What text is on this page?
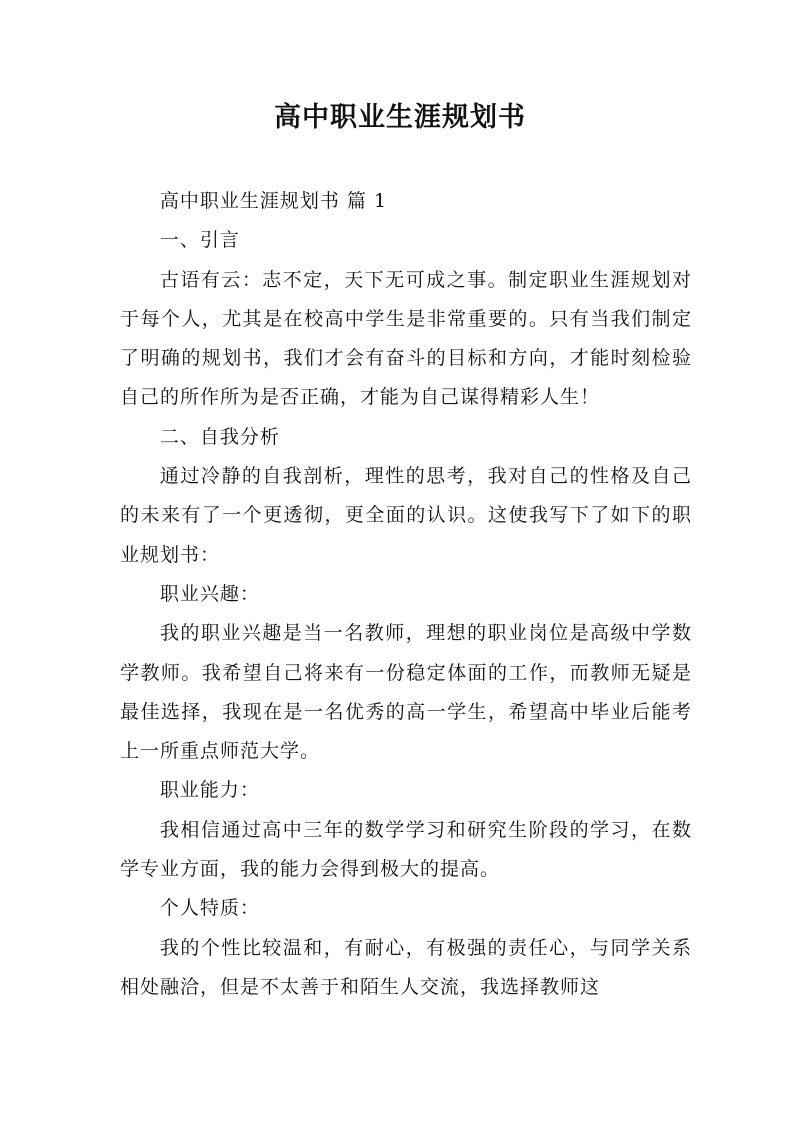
高中职业生涯规划书

高中职业生涯规划书 篇 1

一、引言

古语有云：志不定，天下无可成之事。制定职业生涯规划对于每个人，尤其是在校高中学生是非常重要的。只有当我们制定了明确的规划书，我们才会有奋斗的目标和方向，才能时刻检验自己的所作所为是否正确，才能为自己谋得精彩人生！

二、自我分析

通过冷静的自我剖析，理性的思考，我对自己的性格及自己的未来有了一个更透彻，更全面的认识。这使我写下了如下的职业规划书：

职业兴趣：

我的职业兴趣是当一名教师，理想的职业岗位是高级中学数学教师。我希望自己将来有一份稳定体面的工作，而教师无疑是最佳选择，我现在是一名优秀的高一学生，希望高中毕业后能考上一所重点师范大学。

职业能力：

我相信通过高中三年的数学学习和研究生阶段的学习，在数学专业方面，我的能力会得到极大的提高。

个人特质：

我的个性比较温和，有耐心，有极强的责任心，与同学关系相处融洽，但是不太善于和陌生人交流，我选择教师这
